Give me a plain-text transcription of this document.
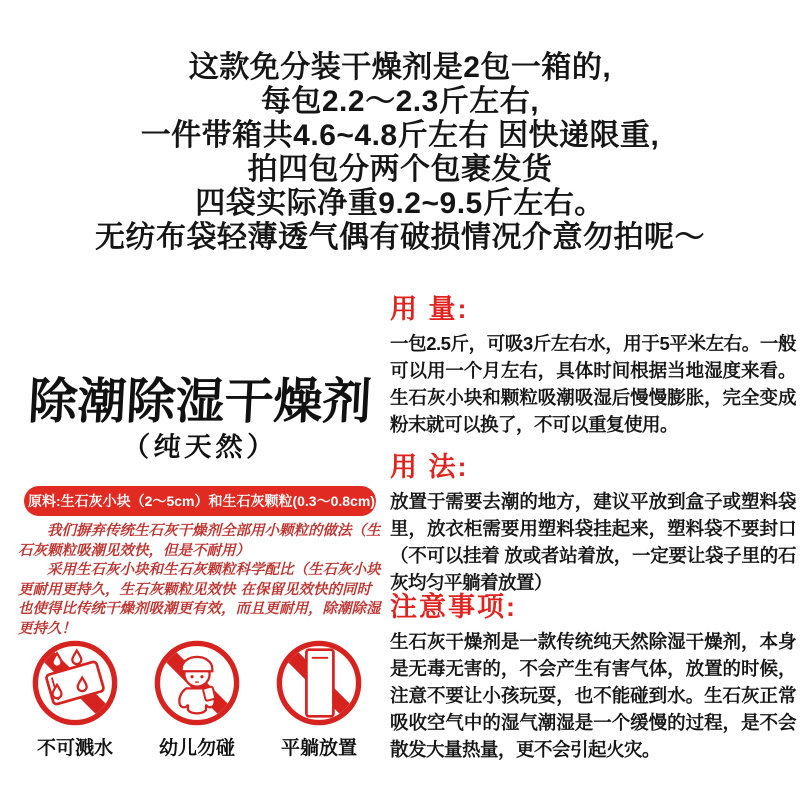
这款免分装干燥剂是2包一箱的,
每包2.2～2.3斤左右,
一件带箱共4.6~4.8斤左右 因快递限重,
拍四包分两个包裹发货
四袋实际净重9.2~9.5斤左右。
无纺布袋轻薄透气偶有破损情况介意勿拍呢～
除潮除湿干燥剂
（纯天然）
原料:生石灰小块（2～5cm）和生石灰颗粒(0.3～0.8cm)混装

我们摒弃传统生石灰干燥剂全部用小颗粒的做法（生石灰颗粒吸潮见效快，但是不耐用）

采用生石灰小块和生石灰颗粒科学配比（生石灰小块更耐用更持久，生石灰颗粒见效快 在保留见效快的同时也使得比传统干燥剂吸潮更有效，而且更耐用，除潮除湿更持久！

不可溅水	幼儿勿碰	平躺放置
用 量:

一包2.5斤，可吸3斤左右水，用于5平米左右。一般可以用一个月左右，具体时间根据当地湿度来看。生石灰小块和颗粒吸潮吸湿后慢慢膨胀，完全变成粉末就可以换了，不可以重复使用。

用 法:

放置于需要去潮的地方，建议平放到盒子或塑料袋里，放衣柜需要用塑料袋挂起来，塑料袋不要封口（不可以挂着 放或者站着放，一定要让袋子里的石灰均匀平躺着放置）

注意事项:

生石灰干燥剂是一款传统纯天然除湿干燥剂，本身是无毒无害的，不会产生有害气体，放置的时候，注意不要让小孩玩耍，也不能碰到水。生石灰正常吸收空气中的湿气潮湿是一个缓慢的过程，是不会散发大量热量，更不会引起火灾。
